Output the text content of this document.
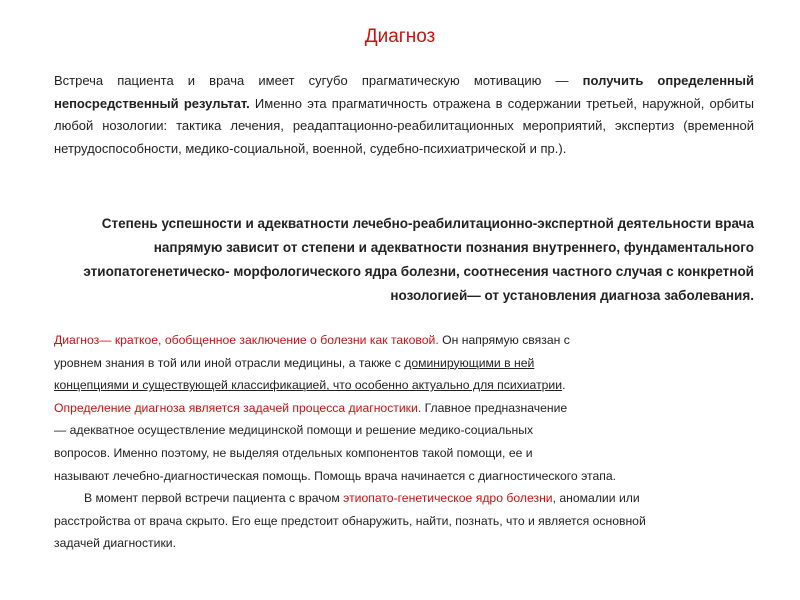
Диагноз

Встреча пациента и врача имеет сугубо прагматическую мотивацию — получить определенный непосредственный результат. Именно эта прагматичность отражена в содержании третьей, наружной, орбиты любой нозологии: тактика лечения, реадаптационно-реабилитационных мероприятий, экспертиз (временной нетрудоспособности, медико-социальной, военной, судебно-психиатрической и пр.).

Степень успешности и адекватности лечебно-реабилитационно-экспертной деятельности врача напрямую зависит от степени и адекватности познания внутреннего, фундаментального этиопатогенетическо- морфологического ядра болезни, соотнесения частного случая с конкретной нозологией— от установления диагноза заболевания.

Диагноз— краткое, обобщенное заключение о болезни как таковой. Он напрямую связан с
уровнем знания в той или иной отрасли медицины, а также с доминирующими в ней
концепциями и существующей классификацией, что особенно актуально для психиатрии.
Определение диагноза является задачей процесса диагностики. Главное предназначение
— адекватное осуществление медицинской помощи и решение медико-социальных
вопросов. Именно поэтому, не выделяя отдельных компонентов такой помощи, ее и
называют лечебно-диагностическая помощь. Помощь врача начинается с диагностического этапа.
В момент первой встречи пациента с врачом этиопато-генетическое ядро болезни, аномалии или
расстройства от врача скрыто. Его еще предстоит обнаружить, найти, познать, что и является основной
задачей диагностики.
